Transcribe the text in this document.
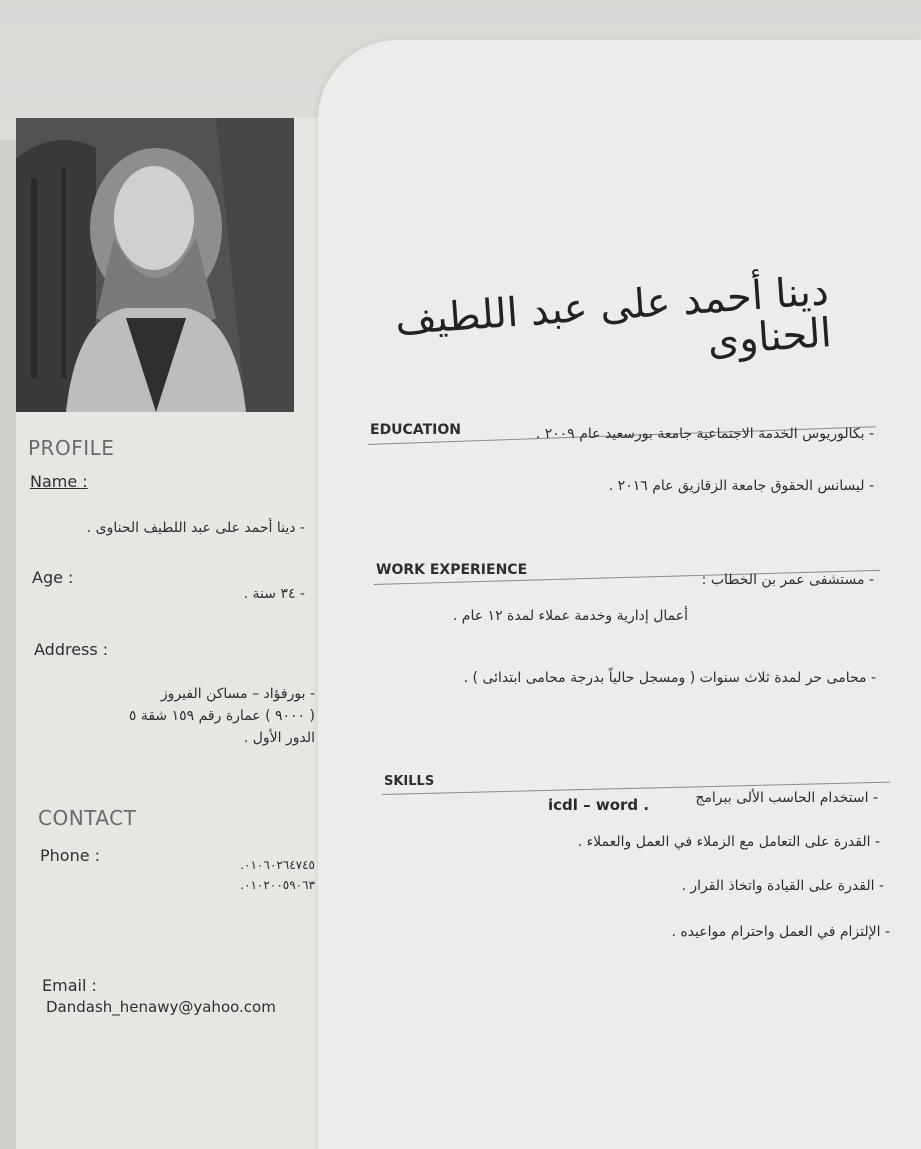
دينا أحمد على عبد اللطيف الحناوى
PROFILE
Name :
- دينا أحمد على عبد اللطيف الحناوى .
Age :
- ٣٤ سنة .
Address :
- بورفؤاد – مساكن الفيروز
( ٩٠٠٠ ) عمارة رقم ١٥٩ شقة ٥
الدور الأول .
CONTACT
Phone :	٠١٠٦٠٢٦٤٧٤٥.
٠١٠٢٠٠٥٩٠٦٣.
Email :
Dandash_henawy@yahoo.com
EDUCATION	- بكالوريوس الخدمة الاجتماعية جامعة بورسعيد عام ٢٠٠٩ .
- ليسانس الحقوق جامعة الزقازيق عام ٢٠١٦ .
WORK EXPERIENCE
- مستشفى عمر بن الخطاب :
أعمال إدارية وخدمة عملاء لمدة ١٢ عام .
- محامى حر لمدة ثلاث سنوات ( ومسجل حالياً بدرجة محامى ابتدائى ) .
SKILLS
- استخدام الحاسب الألى ببرامج
icdl – word .
- القدرة على التعامل مع الزملاء في العمل والعملاء .
- القدرة على القيادة واتخاذ القرار .
- الإلتزام في العمل واحترام مواعيده .
